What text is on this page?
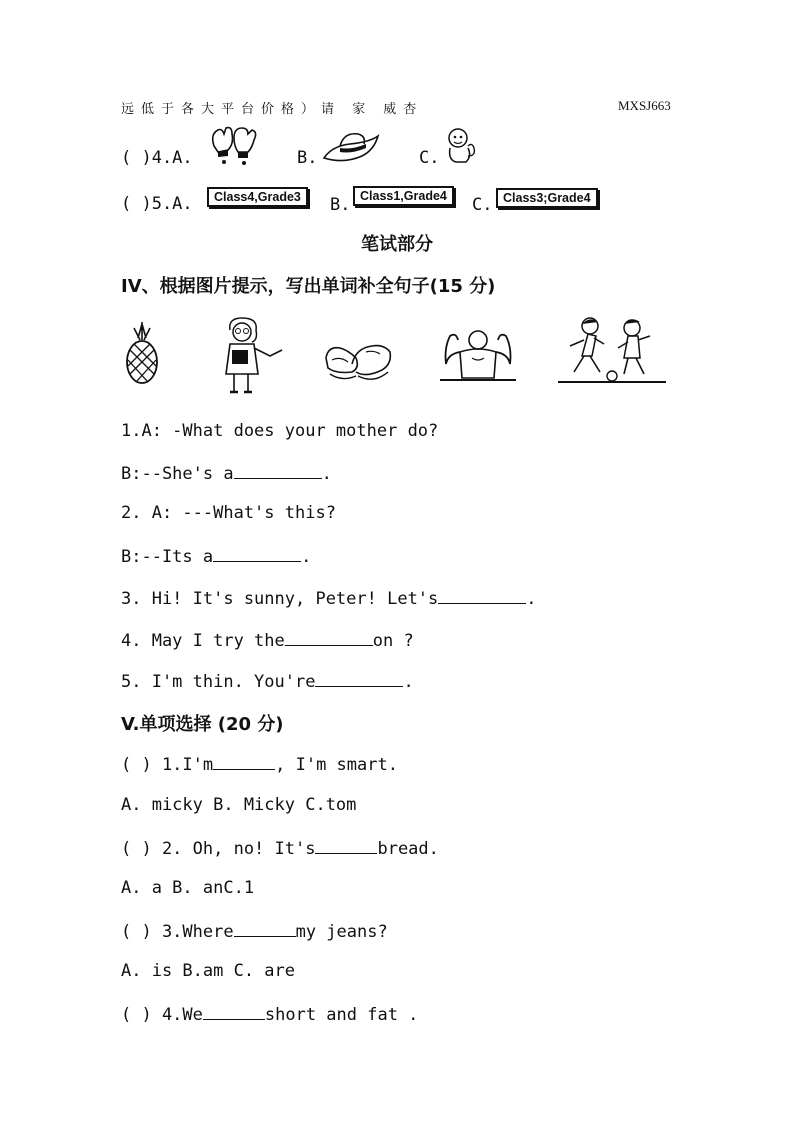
远低于各大平台价格）请 家 威杏	MXSJ663
( )4.A.	B.	C.
( )5.A.	Class4,Grade3	B. Class1,Grade4	C. Class3;Grade4
笔试部分
IV、根据图片提示，写出单词补全句子(15 分)
1.A: -What does your mother do?
B:--She's a	.
2. A: ---What's this?
B:--Its a	.
3. Hi! It's sunny, Peter! Let's	.
4. May I try the	on ?
5. I'm thin. You're	.
V.单项选择 (20 分)
( ) 1.I'm	, I'm smart.
A. micky B. Micky C.tom
( ) 2. Oh, no! It's	bread.
A. a B. anC.1
( ) 3.Where	my jeans?
A. is B.am C. are
( ) 4.We	short and fat .
